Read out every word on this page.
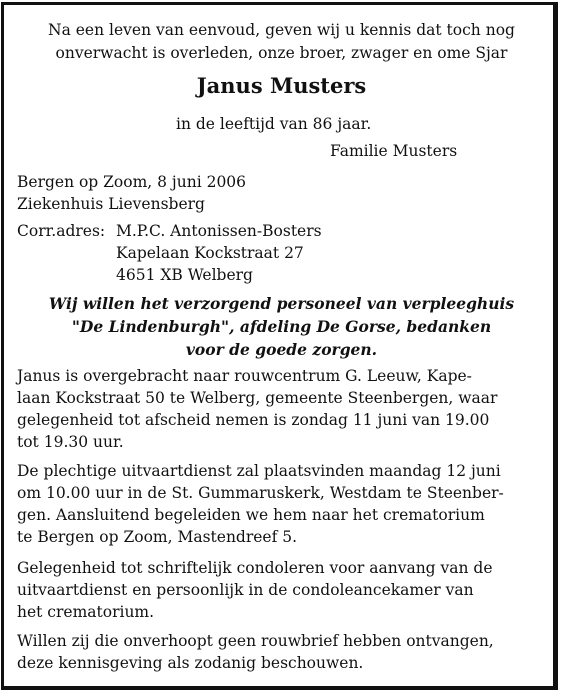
Na een leven van eenvoud, geven wij u kennis dat toch nog
onverwacht is overleden, onze broer, zwager en ome Sjar
Janus Musters
in de leeftijd van 86 jaar.
Familie Musters
Bergen op Zoom, 8 juni 2006
Ziekenhuis Lievensberg
Corr.adres: M.P.C. Antonissen-Bosters
Kapelaan Kockstraat 27
4651 XB Welberg
Wij willen het verzorgend personeel van verpleeghuis
"De Lindenburgh", afdeling De Gorse, bedanken
voor de goede zorgen.
Janus is overgebracht naar rouwcentrum G. Leeuw, Kape-
laan Kockstraat 50 te Welberg, gemeente Steenbergen, waar
gelegenheid tot afscheid nemen is zondag 11 juni van 19.00
tot 19.30 uur.
De plechtige uitvaartdienst zal plaatsvinden maandag 12 juni
om 10.00 uur in de St. Gummaruskerk, Westdam te Steenber-
gen. Aansluitend begeleiden we hem naar het crematorium
te Bergen op Zoom, Mastendreef 5.
Gelegenheid tot schriftelijk condoleren voor aanvang van de
uitvaartdienst en persoonlijk in de condoleancekamer van
het crematorium.
Willen zij die onverhoopt geen rouwbrief hebben ontvangen,
deze kennisgeving als zodanig beschouwen.
